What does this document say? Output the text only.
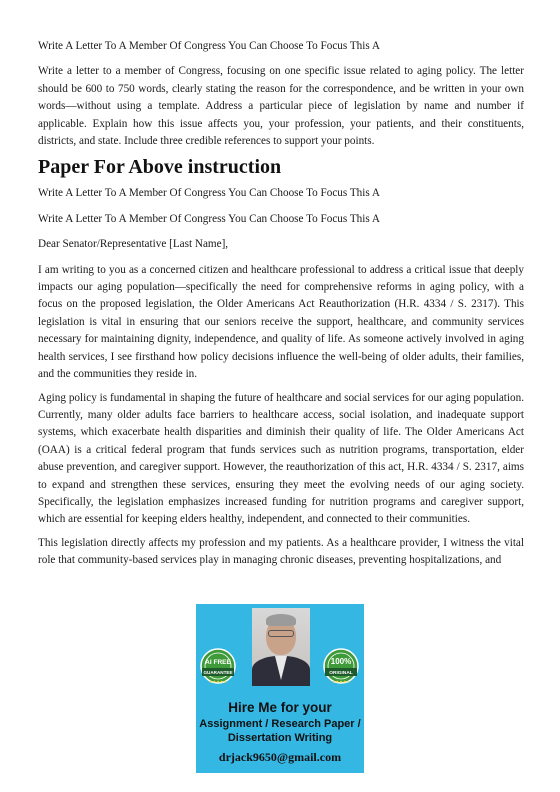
Write A Letter To A Member Of Congress You Can Choose To Focus This A

Write a letter to a member of Congress, focusing on one specific issue related to aging policy. The letter should be 600 to 750 words, clearly stating the reason for the correspondence, and be written in your own words—without using a template. Address a particular piece of legislation by name and number if applicable. Explain how this issue affects you, your profession, your patients, and their constituents, districts, and state. Include three credible references to support your points.

Paper For Above instruction

Write A Letter To A Member Of Congress You Can Choose To Focus This A

Write A Letter To A Member Of Congress You Can Choose To Focus This A

Dear Senator/Representative [Last Name],

I am writing to you as a concerned citizen and healthcare professional to address a critical issue that deeply impacts our aging population—specifically the need for comprehensive reforms in aging policy, with a focus on the proposed legislation, the Older Americans Act Reauthorization (H.R. 4334 / S. 2317). This legislation is vital in ensuring that our seniors receive the support, healthcare, and community services necessary for maintaining dignity, independence, and quality of life. As someone actively involved in aging health services, I see firsthand how policy decisions influence the well-being of older adults, their families, and the communities they reside in.

Aging policy is fundamental in shaping the future of healthcare and social services for our aging population. Currently, many older adults face barriers to healthcare access, social isolation, and inadequate support systems, which exacerbate health disparities and diminish their quality of life. The Older Americans Act (OAA) is a critical federal program that funds services such as nutrition programs, transportation, elder abuse prevention, and caregiver support. However, the reauthorization of this act, H.R. 4334 / S. 2317, aims to expand and strengthen these services, ensuring they meet the evolving needs of our aging society. Specifically, the legislation emphasizes increased funding for nutrition programs and caregiver support, which are essential for keeping elders healthy, independent, and connected to their communities.

This legislation directly affects my profession and my patients. As a healthcare provider, I witness the vital role that community-based services play in managing chronic diseases, preventing hospitalizations, and

AI FREE
GUARANTEE
★★★★★
100%
ORIGINAL
★★★★★
Hire Me for your
Assignment / Research Paper /
Dissertation Writing
drjack9650@gmail.com
